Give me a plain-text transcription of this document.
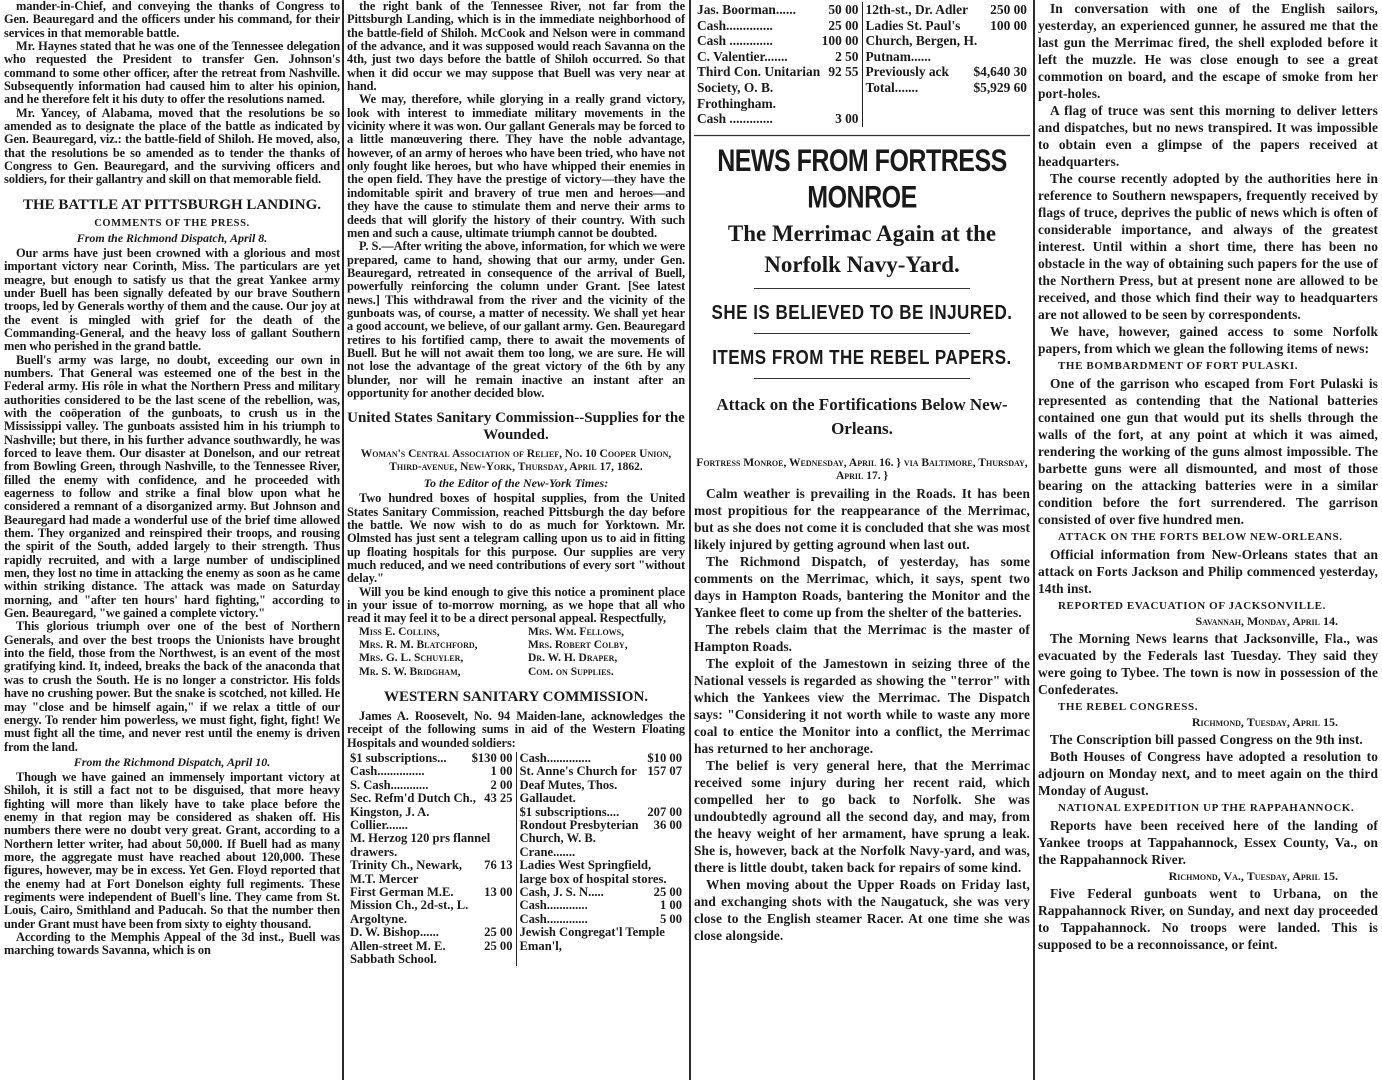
mander-in-Chief, and conveying the thanks of Congress to Gen. Beauregard and the officers under his command, for their services in that memorable battle.

Mr. Haynes stated that he was one of the Tennessee delegation who requested the President to transfer Gen. Johnson's command to some other officer, after the retreat from Nashville. Subsequently information had caused him to alter his opinion, and he therefore felt it his duty to offer the resolutions named.

Mr. Yancey, of Alabama, moved that the resolutions be so amended as to designate the place of the battle as indicated by Gen. Beauregard, viz.: the battle-field of Shiloh. He moved, also, that the resolutions be so amended as to tender the thanks of Congress to Gen. Beauregard, and the surviving officers and soldiers, for their gallantry and skill on that memorable field.

THE BATTLE AT PITTSBURGH LANDING.
COMMENTS OF THE PRESS.
From the Richmond Dispatch, April 8.

Our arms have just been crowned with a glorious and most important victory near Corinth, Miss. The particulars are yet meagre, but enough to satisfy us that the great Yankee army under Buell has been signally defeated by our brave Southern troops, led by Generals worthy of them and the cause. Our joy at the event is mingled with grief for the death of the Commanding-General, and the heavy loss of gallant Southern men who perished in the grand battle.

Buell's army was large, no doubt, exceeding our own in numbers. That General was esteemed one of the best in the Federal army. His rôle in what the Northern Press and military authorities considered to be the last scene of the rebellion, was, with the coöperation of the gunboats, to crush us in the Mississippi valley. The gunboats assisted him in his triumph to Nashville; but there, in his further advance southwardly, he was forced to leave them. Our disaster at Donelson, and our retreat from Bowling Green, through Nashville, to the Tennessee River, filled the enemy with confidence, and he proceeded with eagerness to follow and strike a final blow upon what he considered a remnant of a disorganized army. But Johnson and Beauregard had made a wonderful use of the brief time allowed them. They organized and reinspired their troops, and rousing the spirit of the South, added largely to their strength. Thus rapidly recruited, and with a large number of undisciplined men, they lost no time in attacking the enemy as soon as he came within striking distance. The attack was made on Saturday morning, and "after ten hours' hard fighting," according to Gen. Beauregard, "we gained a complete victory."

This glorious triumph over one of the best of Northern Generals, and over the best troops the Unionists have brought into the field, those from the Northwest, is an event of the most gratifying kind. It, indeed, breaks the back of the anaconda that was to crush the South. He is no longer a constrictor. His folds have no crushing power. But the snake is scotched, not killed. He may "close and be himself again," if we relax a tittle of our energy. To render him powerless, we must fight, fight, fight! We must fight all the time, and never rest until the enemy is driven from the land.

From the Richmond Dispatch, April 10.

Though we have gained an immensely important victory at Shiloh, it is still a fact not to be disguised, that more heavy fighting will more than likely have to take place before the enemy in that region may be considered as shaken off. His numbers there were no doubt very great. Grant, according to a Northern letter writer, had about 50,000. If Buell had as many more, the aggregate must have reached about 120,000. These figures, however, may be in excess. Yet Gen. Floyd reported that the enemy had at Fort Donelson eighty full regiments. These regiments were independent of Buell's line. They came from St. Louis, Cairo, Smithland and Paducah. So that the number then under Grant must have been from sixty to eighty thousand.

According to the Memphis Appeal of the 3d inst., Buell was marching towards Savanna, which is on

the right bank of the Tennessee River, not far from the Pittsburgh Landing, which is in the immediate neighborhood of the battle-field of Shiloh. McCook and Nelson were in command of the advance, and it was supposed would reach Savanna on the 4th, just two days before the battle of Shiloh occurred. So that when it did occur we may suppose that Buell was very near at hand.

We may, therefore, while glorying in a really grand victory, look with interest to immediate military movements in the vicinity where it was won. Our gallant Generals may be forced to a little manœuvering there. They have the noble advantage, however, of an army of heroes who have been tried, who have not only fought like heroes, but who have whipped their enemies in the open field. They have the prestige of victory—they have the indomitable spirit and bravery of true men and heroes—and they have the cause to stimulate them and nerve their arms to deeds that will glorify the history of their country. With such men and such a cause, ultimate triumph cannot be doubted.

P. S.—After writing the above, information, for which we were prepared, came to hand, showing that our army, under Gen. Beauregard, retreated in consequence of the arrival of Buell, powerfully reinforcing the column under Grant. [See latest news.] This withdrawal from the river and the vicinity of the gunboats was, of course, a matter of necessity. We shall yet hear a good account, we believe, of our gallant army. Gen. Beauregard retires to his fortified camp, there to await the movements of Buell. But he will not await them too long, we are sure. He will not lose the advantage of the great victory of the 6th by any blunder, nor will he remain inactive an instant after an opportunity for another decided blow.

United States Sanitary Commission--Supplies for the Wounded.
Woman's Central Association of Relief, No. 10 Cooper Union, Third-avenue, New-York, Thursday, April 17, 1862.
To the Editor of the New-York Times:

Two hundred boxes of hospital supplies, from the United States Sanitary Commission, reached Pittsburgh the day before the battle. We now wish to do as much for Yorktown. Mr. Olmsted has just sent a telegram calling upon us to aid in fitting up floating hospitals for this purpose. Our supplies are very much reduced, and we need contributions of every sort "without delay."

Will you be kind enough to give this notice a prominent place in your issue of to-morrow morning, as we hope that all who read it may feel it to be a direct personal appeal. Respectfully,

Miss E. Collins,	Mrs. Wm. Fellows,
Mrs. R. M. Blatchford,	Mrs. Robert Colby,
Mrs. G. L. Schuyler,	Dr. W. H. Draper,
Mr. S. W. Bridgham,	Com. on Supplies.
WESTERN SANITARY COMMISSION.

James A. Roosevelt, No. 94 Maiden-lane, acknowledges the receipt of the following sums in aid of the Western Floating Hospitals and wounded soldiers:

$1 subscriptions...	$130 00
Cash...............	1 00
S. Cash............	2 00
Sec. Refm'd Dutch Ch., Kingston, J. A. Collier.......
43 25
M. Herzog 120 prs flannel drawers.
Trinity Ch., Newark, M.T. Mercer
76 13
First German M.E. Mission Ch., 2d-st., L. Argoltyne.
13 00
D. W. Bishop......	25 00
Allen-street M. E. Sabbath School.
25 00
Cash..............	$10 00
St. Anne's Church for Deaf Mutes, Thos. Gallaudet.
157 07
$1 subscriptions....	207 00
Rondout Presbyterian Church, W. B. Crane.......
36 00
Ladies West Springfield, large box of hospital stores.
Cash, J. S. N.....	25 00
Cash.............	1 00
Cash.............	5 00
Jewish Congregat'l Temple Eman'l,
Jas. Boorman......	50 00
Cash..............	25 00
Cash .............	100 00
C. Valentier.......	2 50
Third Con. Unitarian Society, O. B. Frothingham.
92 55
Cash .............	3 00
12th-st., Dr. Adler	250 00
Ladies St. Paul's Church, Bergen, H. Putnam......
100 00
Previously ack	$4,640 30
Total.......	$5,929 60
NEWS FROM FORTRESS MONROE
The Merrimac Again at the Norfolk Navy-Yard.
SHE IS BELIEVED TO BE INJURED.
ITEMS FROM THE REBEL PAPERS.
Attack on the Fortifications Below New-Orleans.
Fortress Monroe, Wednesday, April 16. } via Baltimore, Thursday, April 17. }

Calm weather is prevailing in the Roads. It has been most propitious for the reappearance of the Merrimac, but as she does not come it is concluded that she was most likely injured by getting aground when last out.

The Richmond Dispatch, of yesterday, has some comments on the Merrimac, which, it says, spent two days in Hampton Roads, bantering the Monitor and the Yankee fleet to come up from the shelter of the batteries.

The rebels claim that the Merrimac is the master of Hampton Roads.

The exploit of the Jamestown in seizing three of the National vessels is regarded as showing the "terror" with which the Yankees view the Merrimac. The Dispatch says: "Considering it not worth while to waste any more coal to entice the Monitor into a conflict, the Merrimac has returned to her anchorage.

The belief is very general here, that the Merrimac received some injury during her recent raid, which compelled her to go back to Norfolk. She was undoubtedly aground all the second day, and may, from the heavy weight of her armament, have sprung a leak. She is, however, back at the Norfolk Navy-yard, and was, there is little doubt, taken back for repairs of some kind.

When moving about the Upper Roads on Friday last, and exchanging shots with the Naugatuck, she was very close to the English steamer Racer. At one time she was close alongside.

In conversation with one of the English sailors, yesterday, an experienced gunner, he assured me that the last gun the Merrimac fired, the shell exploded before it left the muzzle. He was close enough to see a great commotion on board, and the escape of smoke from her port-holes.

A flag of truce was sent this morning to deliver letters and dispatches, but no news transpired. It was impossible to obtain even a glimpse of the papers received at headquarters.

The course recently adopted by the authorities here in reference to Southern newspapers, frequently received by flags of truce, deprives the public of news which is often of considerable importance, and always of the greatest interest. Until within a short time, there has been no obstacle in the way of obtaining such papers for the use of the Northern Press, but at present none are allowed to be received, and those which find their way to headquarters are not allowed to be seen by correspondents.

We have, however, gained access to some Norfolk papers, from which we glean the following items of news:

THE BOMBARDMENT OF FORT PULASKI.

One of the garrison who escaped from Fort Pulaski is represented as contending that the National batteries contained one gun that would put its shells through the walls of the fort, at any point at which it was aimed, rendering the working of the guns almost impossible. The barbette guns were all dismounted, and most of those bearing on the attacking batteries were in a similar condition before the fort surrendered. The garrison consisted of over five hundred men.

ATTACK ON THE FORTS BELOW NEW-ORLEANS.

Official information from New-Orleans states that an attack on Forts Jackson and Philip commenced yesterday, 14th inst.

REPORTED EVACUATION OF JACKSONVILLE.
Savannah, Monday, April 14.

The Morning News learns that Jacksonville, Fla., was evacuated by the Federals last Tuesday. They said they were going to Tybee. The town is now in possession of the Confederates.

THE REBEL CONGRESS.
Richmond, Tuesday, April 15.

The Conscription bill passed Congress on the 9th inst.

Both Houses of Congress have adopted a resolution to adjourn on Monday next, and to meet again on the third Monday of August.

NATIONAL EXPEDITION UP THE RAPPAHANNOCK.

Reports have been received here of the landing of Yankee troops at Tappahannock, Essex County, Va., on the Rappahannock River.

Richmond, Va., Tuesday, April 15.

Five Federal gunboats went to Urbana, on the Rappahannock River, on Sunday, and next day proceeded to Tappahannock. No troops were landed. This is supposed to be a reconnoissance, or feint.
